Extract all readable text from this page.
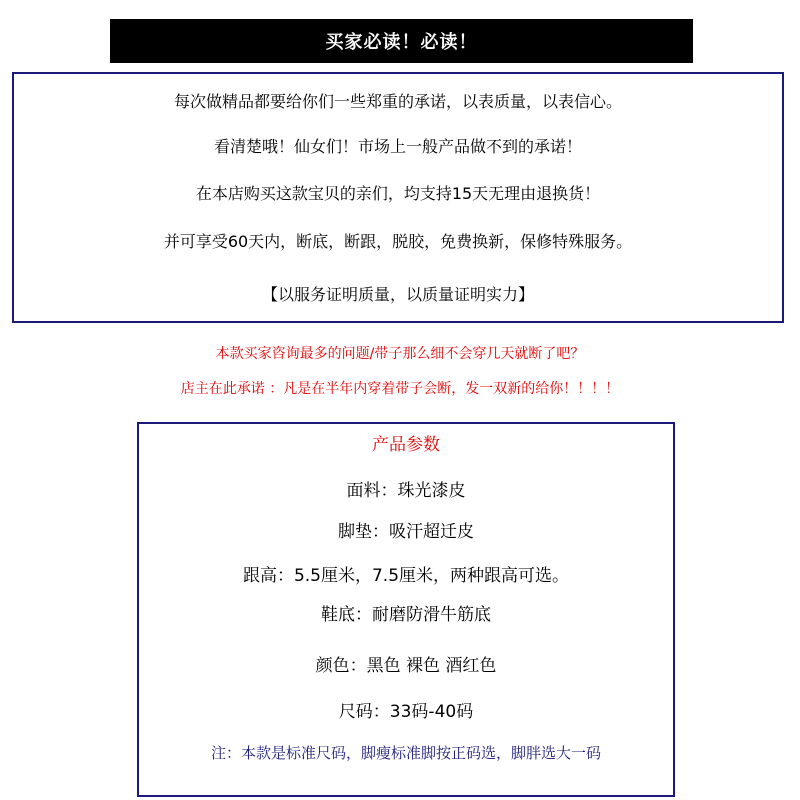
买家必读！必读！
每次做精品都要给你们一些郑重的承诺，以表质量，以表信心。
看清楚哦！仙女们！市场上一般产品做不到的承诺！
在本店购买这款宝贝的亲们，均支持15天无理由退换货！
并可享受60天内，断底，断跟，脱胶，免费换新，保修特殊服务。
【以服务证明质量，以质量证明实力】
本款买家咨询最多的问题/带子那么细不会穿几天就断了吧？
店主在此承诺 ：凡是在半年内穿着带子会断，发一双新的给你！！！！
产品参数
面料：珠光漆皮
脚垫：吸汗超迁皮
跟高：5.5厘米，7.5厘米，两种跟高可选。
鞋底：耐磨防滑牛筋底
颜色：黑色 裸色 酒红色
尺码：33码-40码
注：本款是标准尺码，脚瘦标准脚按正码选，脚胖选大一码
